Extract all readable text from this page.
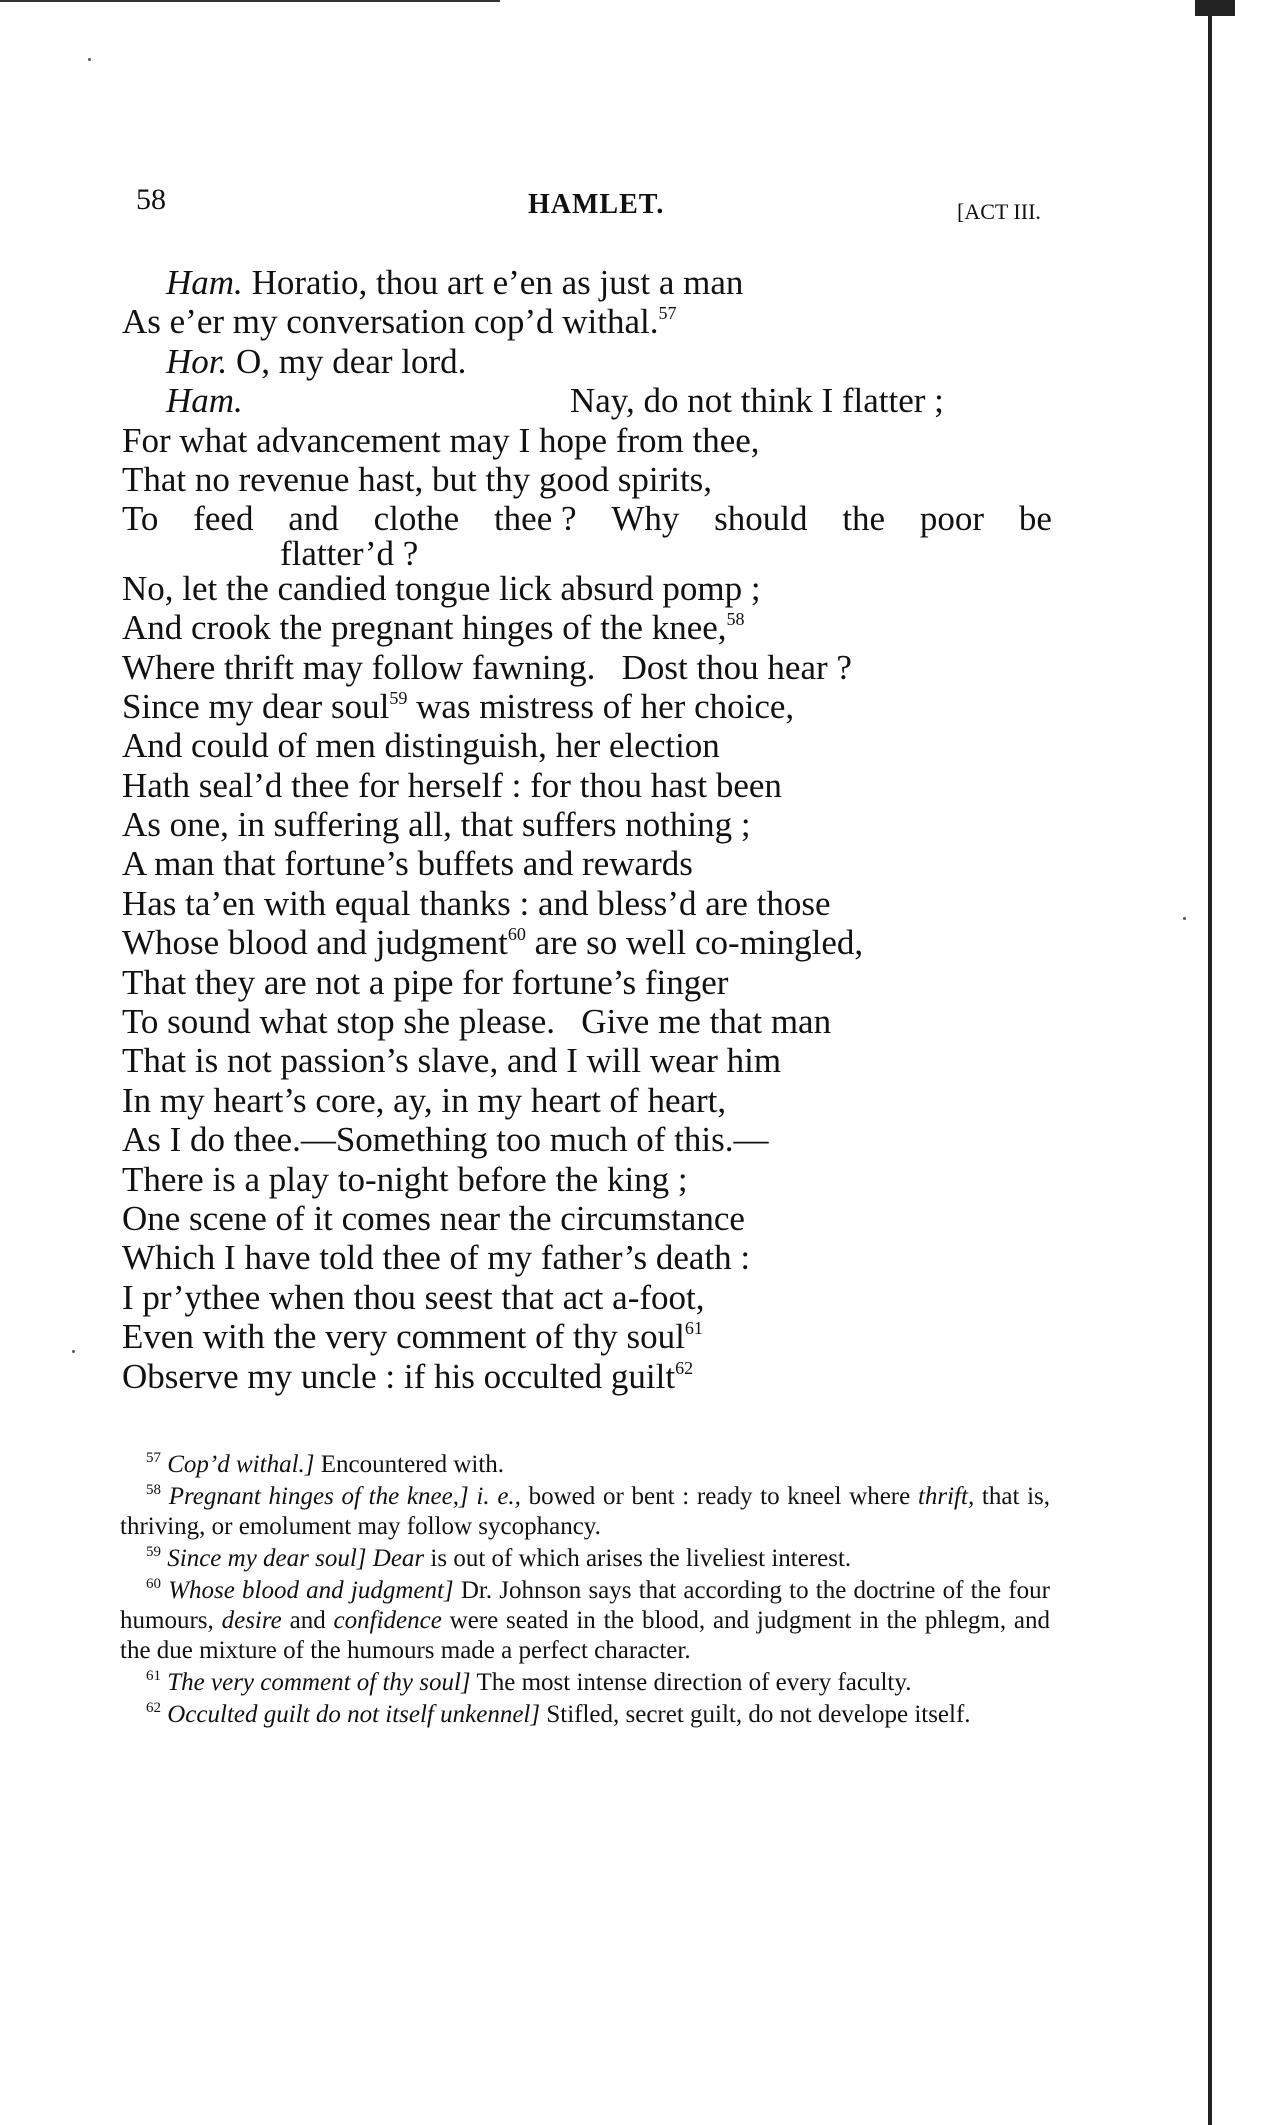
58	HAMLET.	[ACT III.
Ham. Horatio, thou art e’en as just a man
As e’er my conversation cop’d withal.$^{57}$
Hor. O, my dear lord.
Ham.	Nay, do not think I flatter ;
For what advancement may I hope from thee,
That no revenue hast, but thy good spirits,
To feed and clothe thee ? Why should the poor be
flatter’d ?
No, let the candied tongue lick absurd pomp ;
And crook the pregnant hinges of the knee,$^{58}$
Where thrift may follow fawning.   Dost thou hear ?
Since my dear soul$^{59}$ was mistress of her choice,
And could of men distinguish, her election
Hath seal’d thee for herself : for thou hast been
As one, in suffering all, that suffers nothing ;
A man that fortune’s buffets and rewards
Has ta’en with equal thanks : and bless’d are those
Whose blood and judgment$^{60}$ are so well co-mingled,
That they are not a pipe for fortune’s finger
To sound what stop she please.   Give me that man
That is not passion’s slave, and I will wear him
In my heart’s core, ay, in my heart of heart,
As I do thee.—Something too much of this.—
There is a play to-night before the king ;
One scene of it comes near the circumstance
Which I have told thee of my father’s death :
I pr’ythee when thou seest that act a-foot,
Even with the very comment of thy soul$^{61}$
Observe my uncle : if his occulted guilt$^{62}$

$^{57}$ Cop’d withal.] Encountered with.

$^{58}$ Pregnant hinges of the knee,] i. e., bowed or bent : ready to kneel where thrift, that is, thriving, or emolument may follow sycophancy.

$^{59}$ Since my dear soul] Dear is out of which arises the liveliest interest.

$^{60}$ Whose blood and judgment] Dr. Johnson says that according to the doctrine of the four humours, desire and confidence were seated in the blood, and judgment in the phlegm, and the due mixture of the humours made a perfect character.

$^{61}$ The very comment of thy soul] The most intense direction of every faculty.

$^{62}$ Occulted guilt do not itself unkennel] Stifled, secret guilt, do not develope itself.
